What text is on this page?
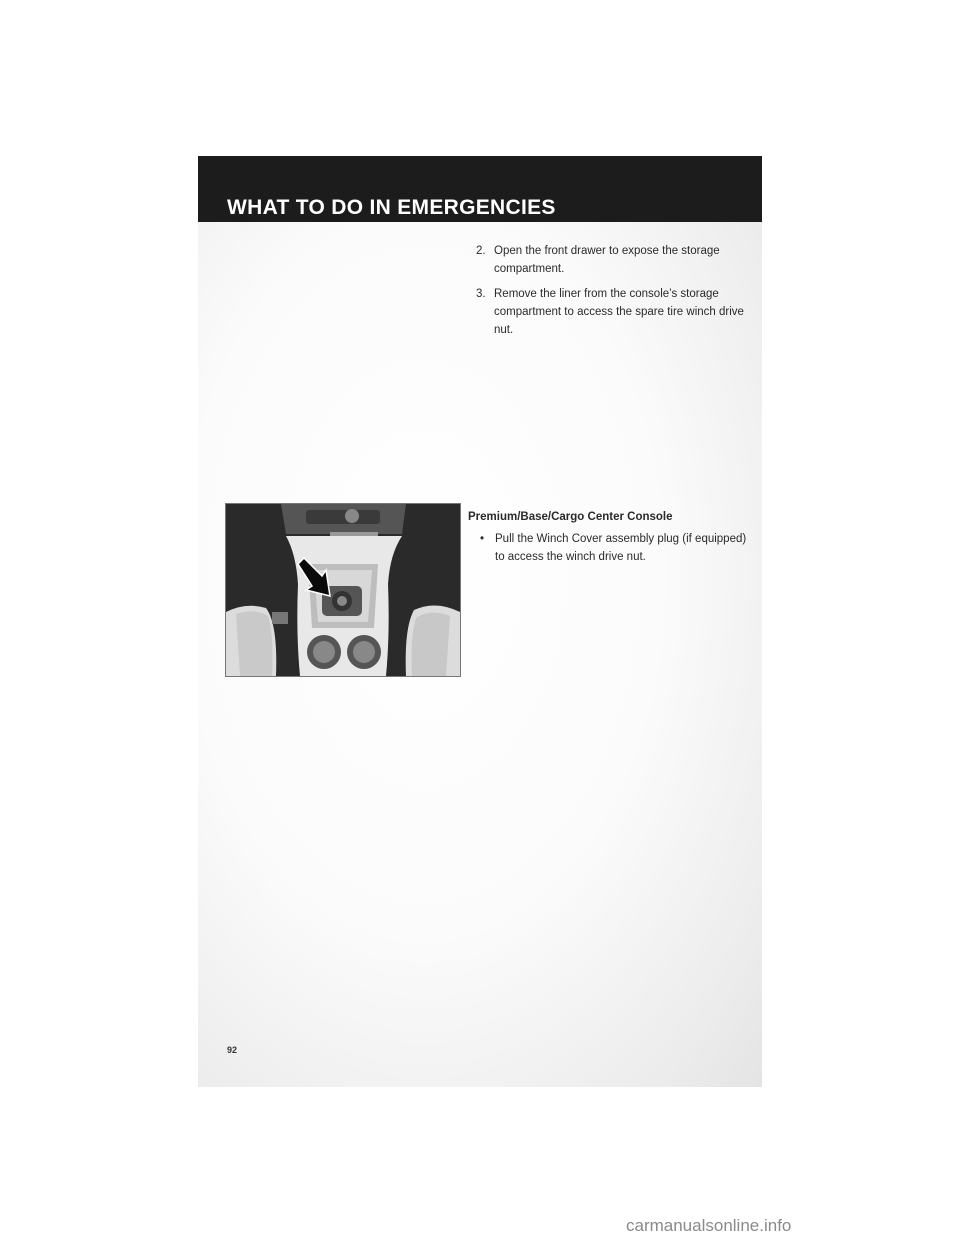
WHAT TO DO IN EMERGENCIES
2. Open the front drawer to expose the storage compartment.
3. Remove the liner from the console’s storage compartment to access the spare tire winch drive nut.
Premium/Base/Cargo Center Console
• Pull the Winch Cover assembly plug (if equipped) to access the winch drive nut.
92
carmanualsonline.info
